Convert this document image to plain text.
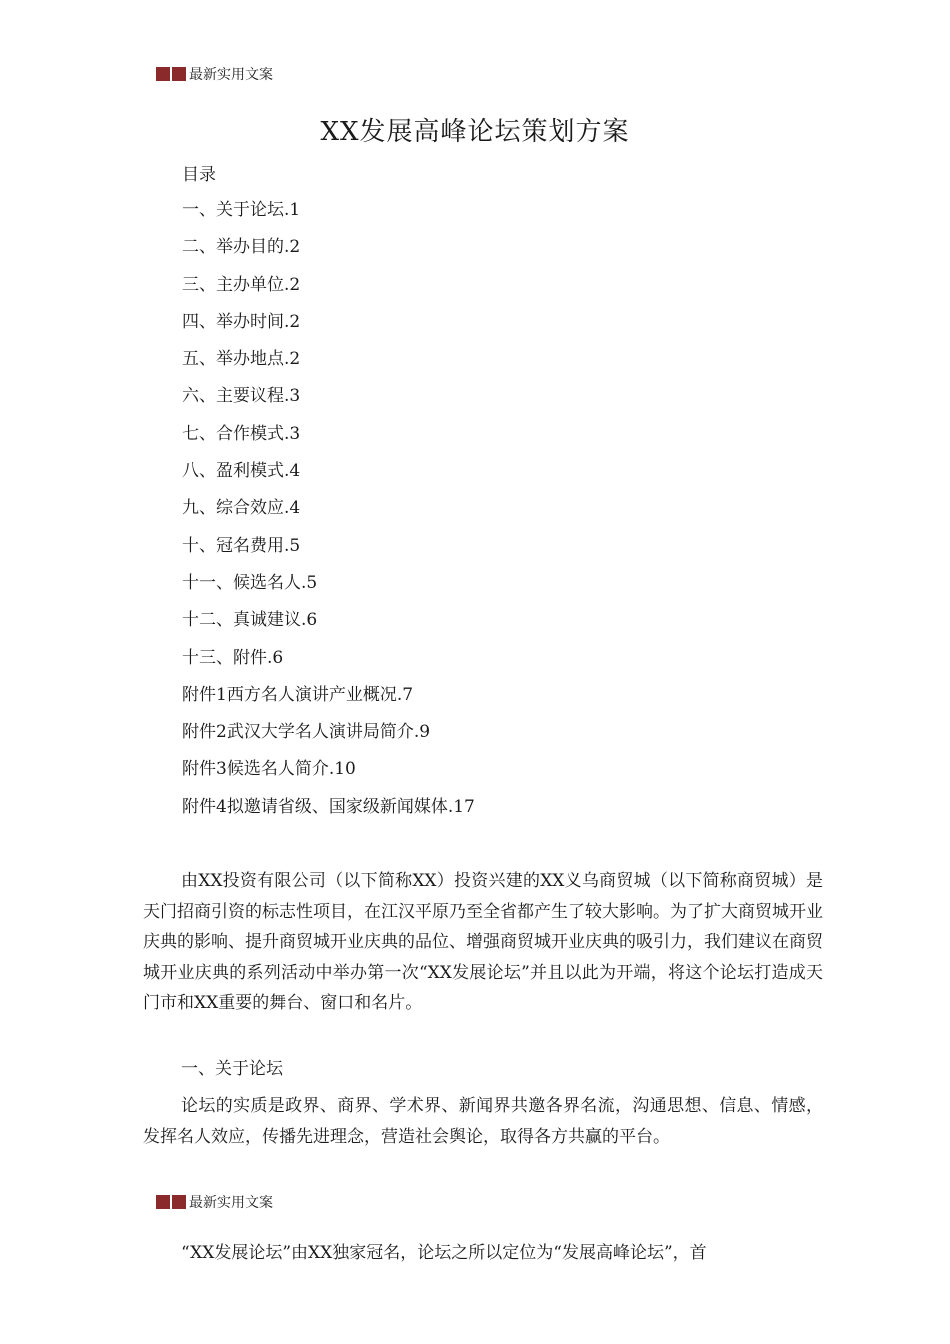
最新实用文案
XX发展高峰论坛策划方案
目录
一、关于论坛.1
二、举办目的.2
三、主办单位.2
四、举办时间.2
五、举办地点.2
六、主要议程.3
七、合作模式.3
八、盈利模式.4
九、综合效应.4
十、冠名费用.5
十一、候选名人.5
十二、真诚建议.6
十三、附件.6
附件1西方名人演讲产业概况.7
附件2武汉大学名人演讲局简介.9
附件3候选名人简介.10
附件4拟邀请省级、国家级新闻媒体.17

由XX投资有限公司（以下简称XX）投资兴建的XX义乌商贸城（以下简称商贸城）是天门招商引资的标志性项目，在江汉平原乃至全省都产生了较大影响。为了扩大商贸城开业庆典的影响、提升商贸城开业庆典的品位、增强商贸城开业庆典的吸引力，我们建议在商贸城开业庆典的系列活动中举办第一次“XX发展论坛”并且以此为开端，将这个论坛打造成天门市和XX重要的舞台、窗口和名片。

一、关于论坛

论坛的实质是政界、商界、学术界、新闻界共邀各界名流，沟通思想、信息、情感，发挥名人效应，传播先进理念，营造社会舆论，取得各方共赢的平台。

最新实用文案

“XX发展论坛”由XX独家冠名，论坛之所以定位为“发展高峰论坛”，首
